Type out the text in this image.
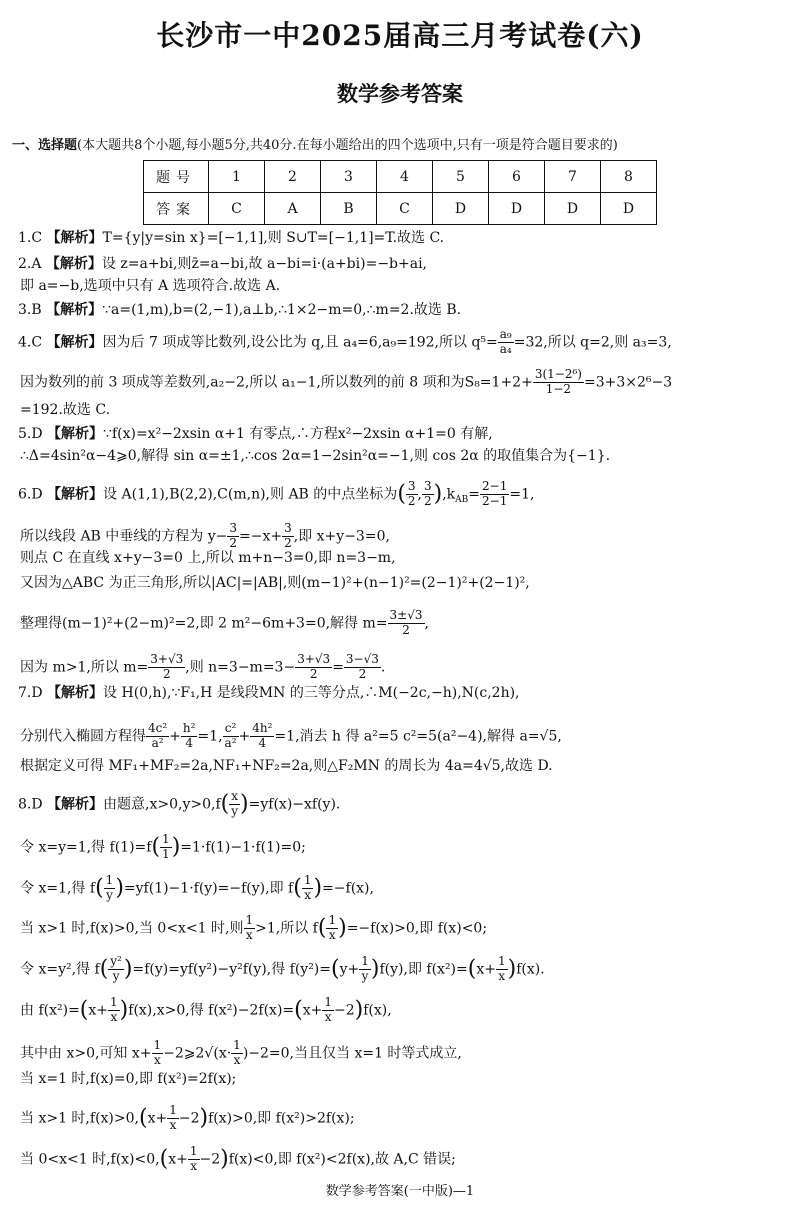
长沙市一中2025届高三月考试卷(六)
数学参考答案
一、选择题(本大题共8个小题,每小题5分,共40分.在每小题给出的四个选项中,只有一项是符合题目要求的)
题号	1	2	3	4	5	6	7	8
答案	C	A	B	C	D	D	D	D
1.C 【解析】T={y|y=sin x}=[−1,1],则 S∪T=[−1,1]=T.故选 C.
2.A 【解析】设 z=a+bi,则z̄=a−bi,故 a−bi=i·(a+bi)=−b+ai,
即 a=−b,选项中只有 A 选项符合.故选 A.
3.B 【解析】∵a=(1,m),b=(2,−1),a⊥b,∴1×2−m=0,∴m=2.故选 B.
4.C 【解析】因为后 7 项成等比数列,设公比为 q,且 a₄=6,a₉=192,所以 $q^5= \frac{\text{a₉}}{\text{a₄}} =32$,所以 q=2,则 a₃=3,
因为数列的前 3 项成等差数列,a₂−2,所以 a₁−1,所以数列的前 8 项和为$S_8=1+2+ \frac{\text{3(1−2⁶)}}{1-2} =3+3\times 2^6-3$
=192.故选 C.
5.D 【解析】∵f(x)=x²−2xsin α+1 有零点,∴方程x²−2xsin α+1=0 有解,
∴Δ=4sin²α−4⩾0,解得 sin α=±1,∴cos 2α=1−2sin²α=−1,则 cos 2α 的取值集合为{−1}.
6.D 【解析】设 A(1,1),B(2,2),C(m,n),则 AB 的中点坐标为( $\frac{3}{2}$ , $\frac{3}{2} ),k_{AB}= \frac{2-1}{2-1} =1$,
所以线段 AB 中垂线的方程为 $y- \frac{3}{2} =-x+ \frac{3}{2}$ ,即 x+y−3=0,
则点 C 在直线 x+y−3=0 上,所以 m+n−3=0,即 n=3−m,
又因为△ABC 为正三角形,所以|AC|=|AB|,则(m−1)²+(n−1)²=(2−1)²+(2−1)²,
整理得(m−1)²+(2−m)²=2,即 2 m²−6m+3=0,解得 $m= \frac{3\pm√3}{2}$ ,
因为 m>1,所以 $m= \frac{3+√3}{2}$ ,则 $n=3-m=3- \frac{3+√3}{2} = \frac{3-√3}{2}$ .
7.D 【解析】设 H(0,h),∵F₁,H 是线段MN 的三等分点,∴M(−2c,−h),N(c,2h),
分别代入椭圆方程得 $\frac{\text{4c²}}{\text{a²}} + \frac{\text{h²}}{4} =1$, $\frac{\text{c²}}{\text{a²}} + \frac{\text{4h²}}{4} =1$,消去 h 得 a²=5 c²=5(a²−4),解得 a=√5,
根据定义可得 MF₁+MF₂=2a,NF₁+NF₂=2a,则△F₂MN 的周长为 4a=4√5,故选 D.
8.D 【解析】由题意$,x>0,y>0,f( \frac{x}{y} )=yf(x)-xf(y)$.
令 x=y=1,得 $f(1)=f( \frac{1}{1} )=1\cdot f(1)-1\cdot f(1)=0$;
令 x=1,得 $f( \frac{1}{y} )=yf(1)-1\cdot f(y)=-f(y)$,即 $f( \frac{1}{x} )=-f(x)$,
当 x>1 时,f(x)>0,当 0<x<1 时,则 $\frac{1}{x} >1$,所以 $f( \frac{1}{x} )=-f(x)>0$,即 f(x)<0;
令 x=y²,得 $f( \frac{\text{y²}}{y} )=f(y)=yf(y^2)-y^2f(y)$,得 $f(y^2)=(y+ \frac{1}{y} )f(y)$,即 $f(x^2)=(x+ \frac{1}{x} )f(x)$.
由 $f(x^2)=(x+ \frac{1}{x} )f(x),x>0$,得 $f(x^2)-2f(x)=(x+ \frac{1}{x} -2)f(x)$,
其中由 x>0,可知 $x+ \frac{1}{x}$ −2⩾2√(x· $\frac{1}{x} )-2=0$,当且仅当 x=1 时等式成立,
当 x=1 时,f(x)=0,即 f(x²)=2f(x);
当 x>1 时$,f(x)>0,(x+ \frac{1}{x} -2)f(x)>0$,即 f(x²)>2f(x);
当 0<x<1 时$,f(x)<0,(x+ \frac{1}{x} -2)f(x)<0$,即 f(x²)<2f(x),故 A,C 错误;
数学参考答案(一中版)—1
